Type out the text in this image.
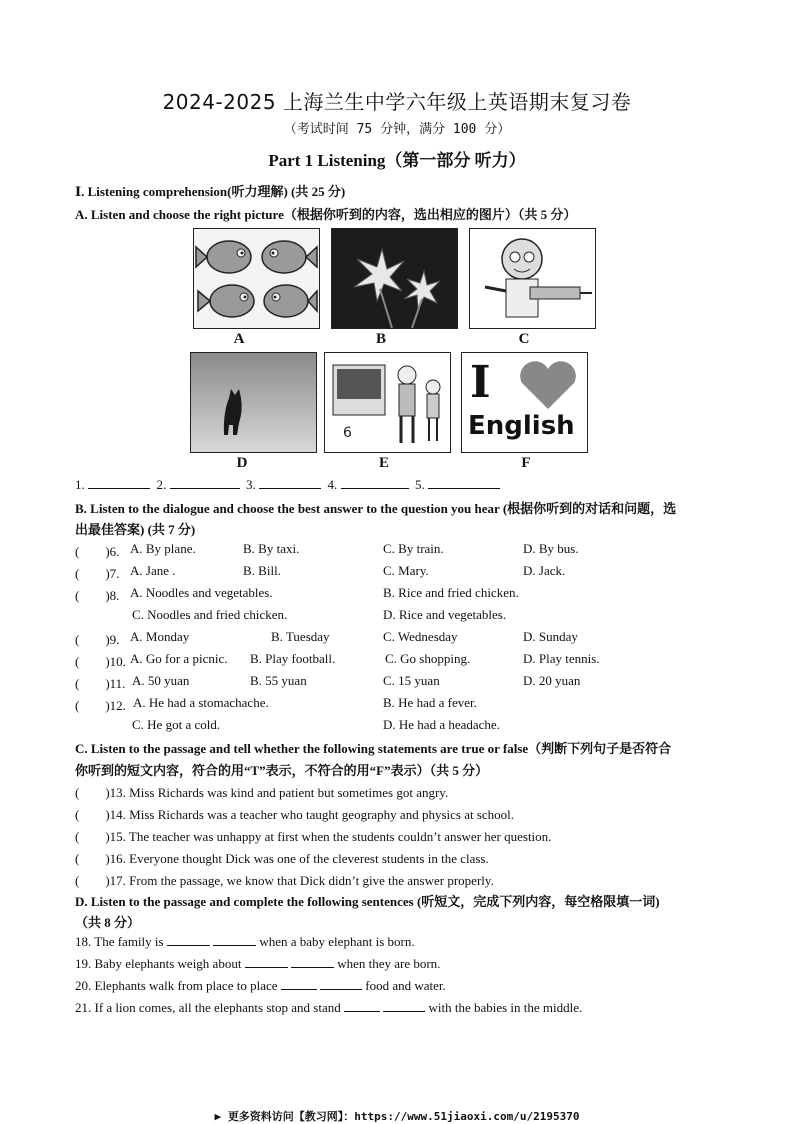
2024-2025 上海兰生中学六年级上英语期末复习卷
（考试时间 75 分钟，满分 100 分）
Part 1 Listening（第一部分 听力）
Ⅰ. Listening comprehension(听力理解) (共 25 分)
A. Listen and choose the right picture（根据你听到的内容，选出相应的图片）（共 5 分）
A	B	C
6
I
English
D	E	F
1.	2.	3.	4.	5.
B. Listen to the dialogue and choose the best answer to the question you hear (根据你听到的对话和问题，选
出最佳答案) (共 7 分)
(　　)6. A. By plane.	B. By taxi.	C. By train.	D. By bus.
(　　)7. A. Jane .	B. Bill.	C. Mary.	D. Jack.
(　　)8. A. Noodles and vegetables.	B. Rice and fried chicken.
C. Noodles and fried chicken.	D. Rice and vegetables.
(　　)9. A. Monday	B. Tuesday	C. Wednesday	D. Sunday
(　　)10. A. Go for a picnic. B. Play football.	C. Go shopping.	D. Play tennis.
(　　)11. A. 50 yuan	B. 55 yuan	C. 15 yuan	D. 20 yuan
(　　)12. A. He had a stomachache.	B. He had a fever.
C. He got a cold.	D. He had a headache.
C. Listen to the passage and tell whether the following statements are true or false（判断下列句子是否符合
你听到的短文内容，符合的用“T”表示，不符合的用“F”表示）（共 5 分）
(　　)13. Miss Richards was kind and patient but sometimes got angry.
(　　)14. Miss Richards was a teacher who taught geography and physics at school.
(　　)15. The teacher was unhappy at first when the students couldn’t answer her question.
(　　)16. Everyone thought Dick was one of the cleverest students in the class.
(　　)17. From the passage, we know that Dick didn’t give the answer properly.
D. Listen to the passage and complete the following sentences (听短文，完成下列内容，每空格限填一词)
（共 8 分）
18. The family is	when a baby elephant is born.
19. Baby elephants weigh about	when they are born.
20. Elephants walk from place to place	food and water.
21. If a lion comes, all the elephants stop and stand	with the babies in the middle.
▶ 更多资料访问【教习网】：https://www.51jiaoxi.com/u/2195370
